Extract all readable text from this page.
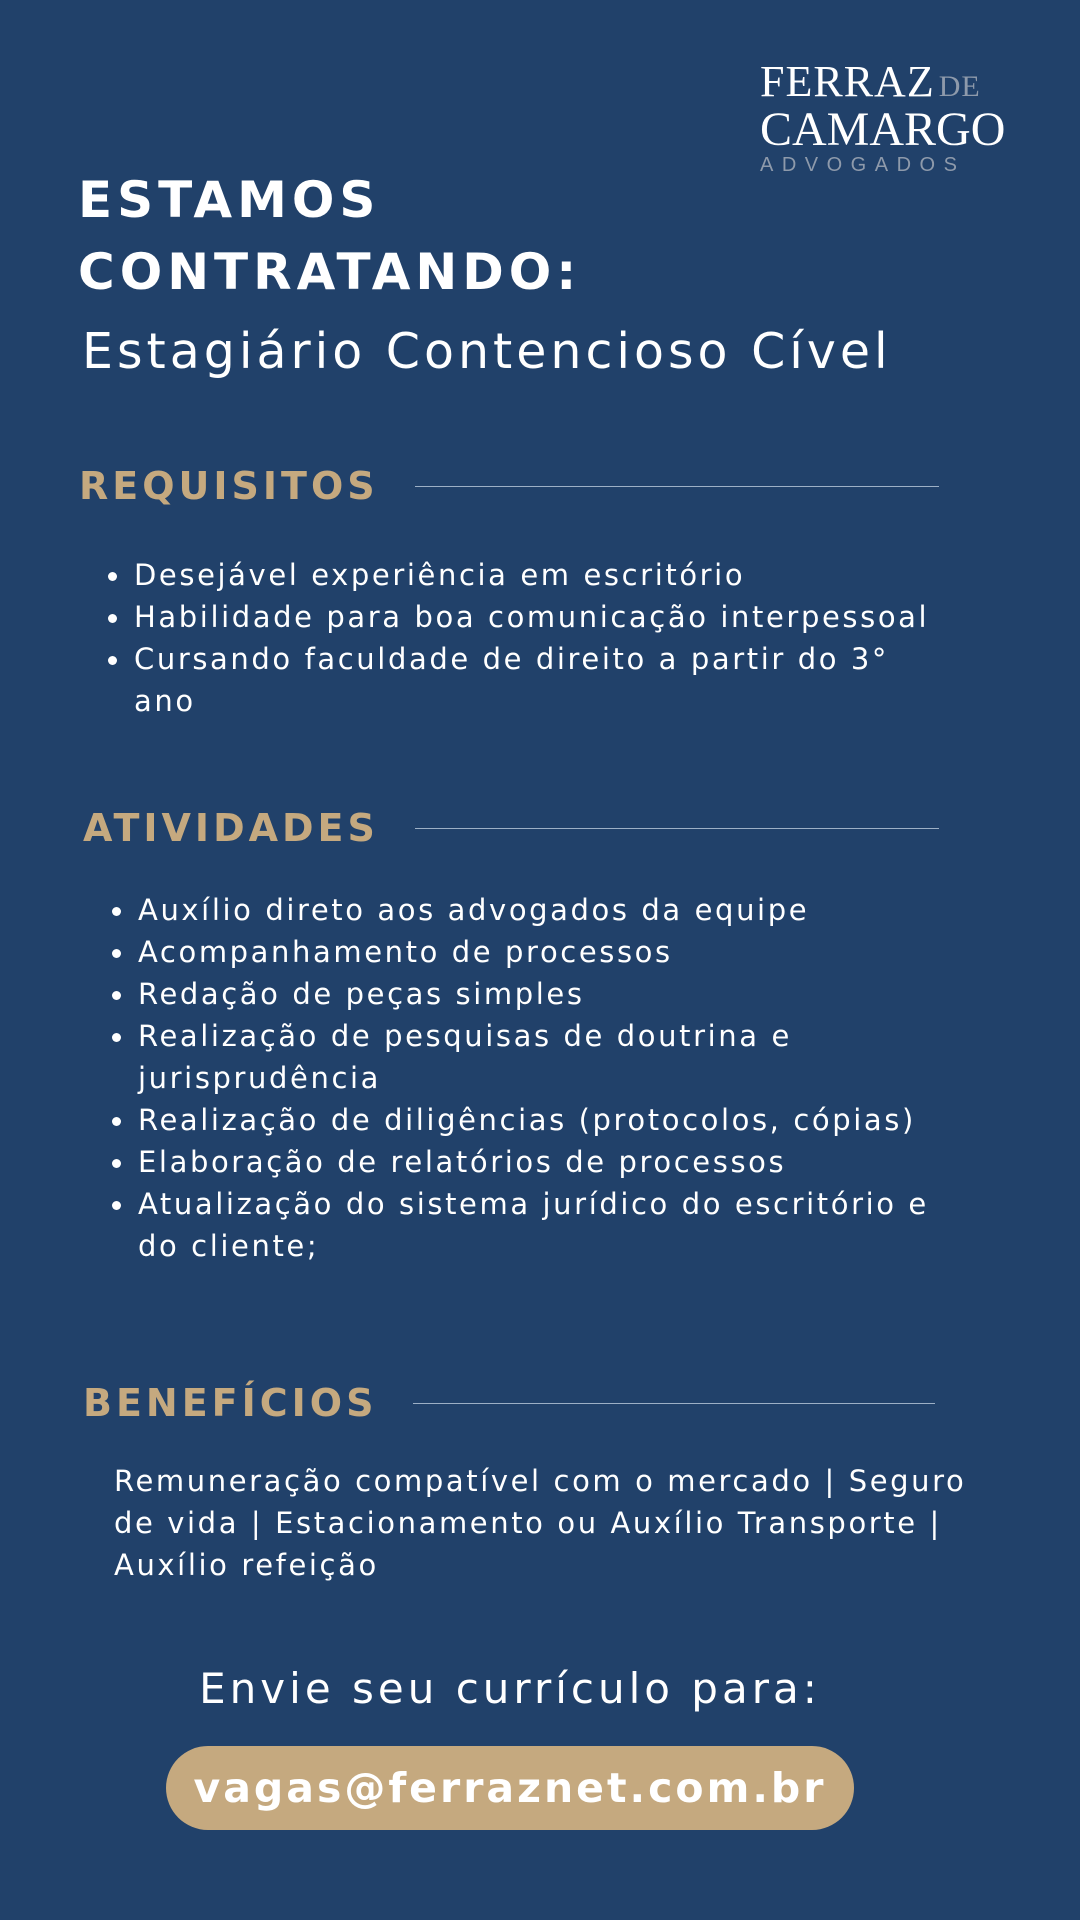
FERRAZ DE
CAMARGO
ADVOGADOS
ESTAMOS
CONTRATANDO:
Estagiário Contencioso Cível
REQUISITOS
Desejável experiência em escritório
Habilidade para boa comunicação interpessoal
Cursando faculdade de direito a partir do 3° ano
ATIVIDADES
Auxílio direto aos advogados da equipe
Acompanhamento de processos
Redação de peças simples
Realização de pesquisas de doutrina e jurisprudência
Realização de diligências (protocolos, cópias)
Elaboração de relatórios de processos
Atualização do sistema jurídico do escritório e do cliente;
BENEFÍCIOS

Remuneração compatível com o mercado | Seguro de vida | Estacionamento ou Auxílio Transporte | Auxílio refeição

Envie seu currículo para:
vagas@ferraznet.com.br
